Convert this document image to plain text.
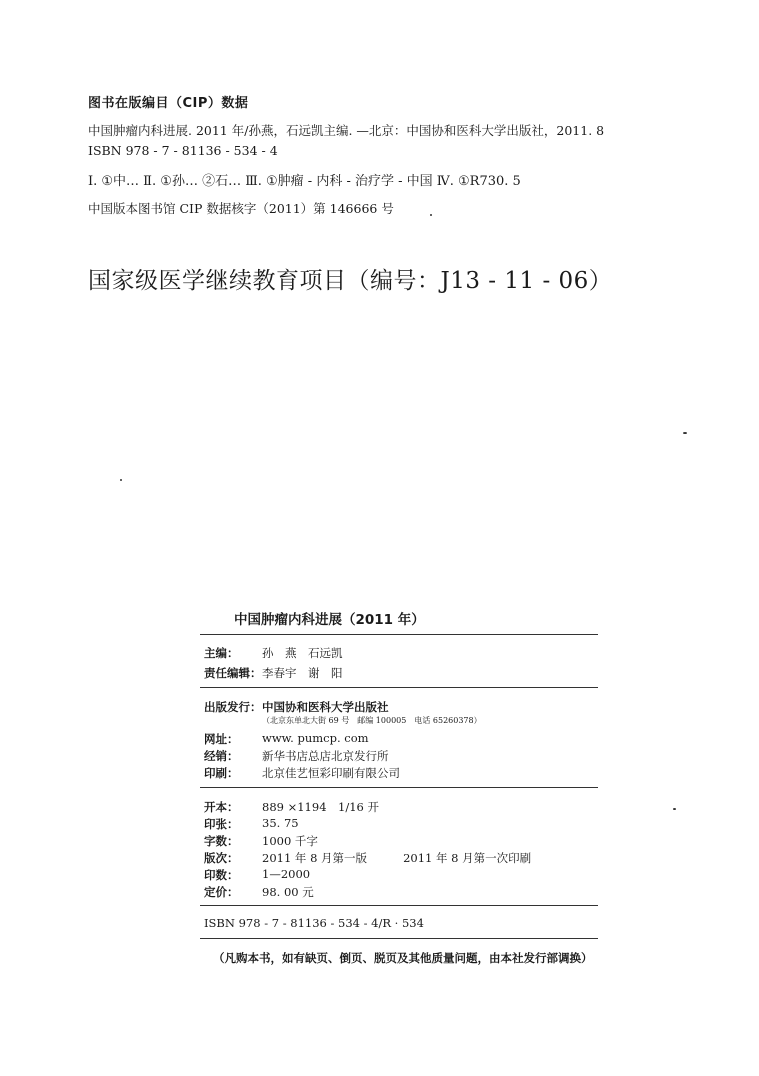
图书在版编目（CIP）数据
中国肿瘤内科进展. 2011 年/孙燕，石远凯主编. —北京：中国协和医科大学出版社，2011. 8
ISBN 978 - 7 - 81136 - 534 - 4
Ⅰ. ①中… Ⅱ. ①孙… ②石… Ⅲ. ①肿瘤 - 内科 - 治疗学 - 中国 Ⅳ. ①R730. 5
中国版本图书馆 CIP 数据核字（2011）第 146666 号
国家级医学继续教育项目（编号：J13 - 11 - 06）
中国肿瘤内科进展（2011 年）
主编：	孙　燕　石远凯
责任编辑： 李春宇　谢　阳
出版发行： 中国协和医科大学出版社
（北京东单北大街 69 号　邮编 100005　电话 65260378）
网址：	www. pumcp. com
经销：	新华书店总店北京发行所
印刷：	北京佳艺恒彩印刷有限公司
开本：	889 ×1194　1/16 开
印张：	35. 75
字数：	1000 千字
版次：	2011 年 8 月第一版	2011 年 8 月第一次印刷
印数：	1—2000
定价：	98. 00 元
ISBN 978 - 7 - 81136 - 534 - 4/R · 534
（凡购本书，如有缺页、倒页、脱页及其他质量问题，由本社发行部调换）
